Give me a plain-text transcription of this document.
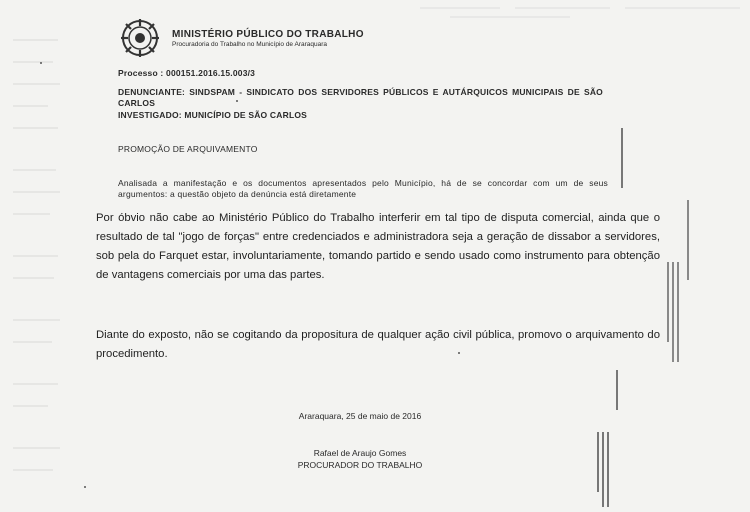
MINISTÉRIO PÚBLICO DO TRABALHO
Procuradoria do Trabalho no Município de Araraquara
Processo : 000151.2016.15.003/3
DENUNCIANTE: SINDSPAM - SINDICATO DOS SERVIDORES PÚBLICOS E AUTÁRQUICOS MUNICIPAIS DE SÃO CARLOS
INVESTIGADO: MUNICÍPIO DE SÃO CARLOS
PROMOÇÃO DE ARQUIVAMENTO
Analisada a manifestação e os documentos apresentados pelo Município, há de se concordar com um de seus argumentos: a questão objeto da denúncia está diretamente
Por óbvio não cabe ao Ministério Público do Trabalho interferir em tal tipo de disputa comercial, ainda que o resultado de tal "jogo de forças" entre credenciados e administradora seja a geração de dissabor a servidores, sob pela do Farquet estar, involuntariamente, tomando partido e sendo usado como instrumento para obtenção de vantagens comerciais por uma das partes.
Diante do exposto, não se cogitando da propositura de qualquer ação civil pública, promovo o arquivamento do procedimento.
Araraquara, 25 de maio de 2016
Rafael de Araujo Gomes
PROCURADOR DO TRABALHO
